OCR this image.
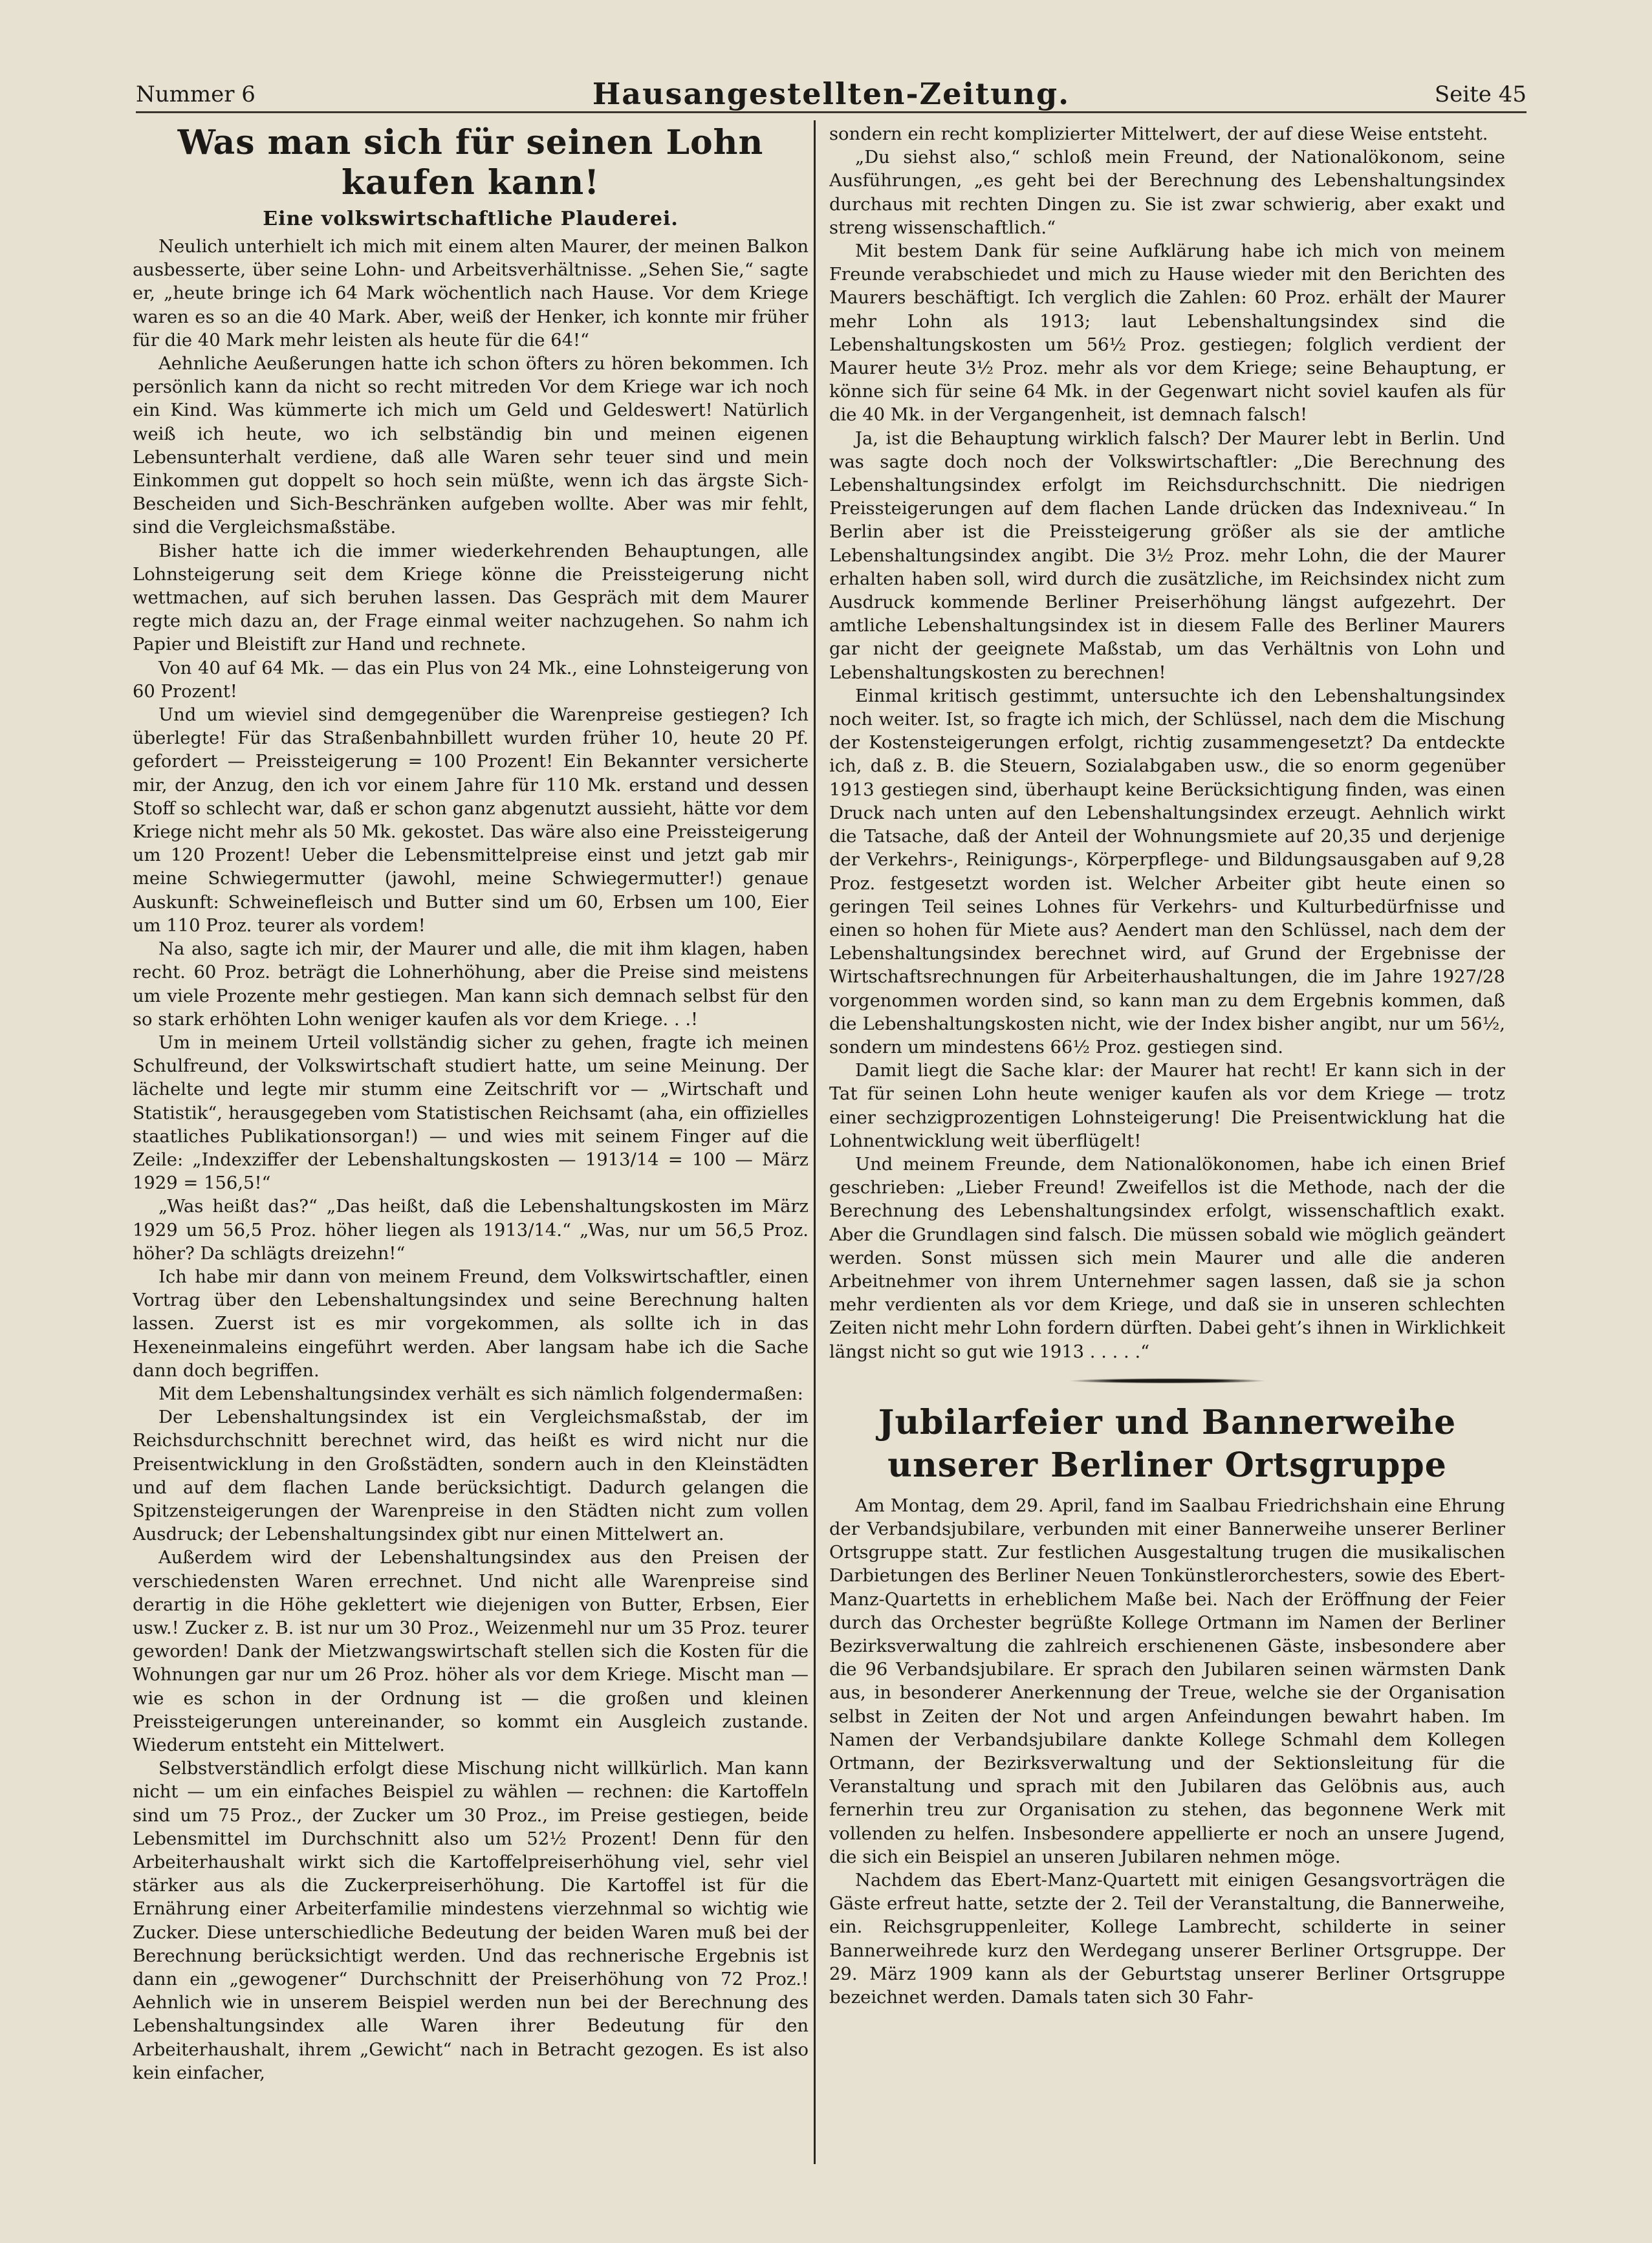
Nummer 6	Hausangestellten-Zeitung.	Seite 45
Was man sich für seinen Lohn kaufen kann!
Eine volkswirtschaftliche Plauderei.

Neulich unterhielt ich mich mit einem alten Maurer, der meinen Balkon ausbesserte, über seine Lohn- und Arbeitsverhältnisse. „Sehen Sie,“ sagte er, „heute bringe ich 64 Mark wöchentlich nach Hause. Vor dem Kriege waren es so an die 40 Mark. Aber, weiß der Henker, ich konnte mir früher für die 40 Mark mehr leisten als heute für die 64!“

Aehnliche Aeußerungen hatte ich schon öfters zu hören bekommen. Ich persönlich kann da nicht so recht mitreden Vor dem Kriege war ich noch ein Kind. Was kümmerte ich mich um Geld und Geldeswert! Natürlich weiß ich heute, wo ich selbständig bin und meinen eigenen Lebensunterhalt verdiene, daß alle Waren sehr teuer sind und mein Einkommen gut doppelt so hoch sein müßte, wenn ich das ärgste Sich-Bescheiden und Sich-Beschränken aufgeben wollte. Aber was mir fehlt, sind die Vergleichsmaßstäbe.

Bisher hatte ich die immer wiederkehrenden Behauptungen, alle Lohnsteigerung seit dem Kriege könne die Preissteigerung nicht wettmachen, auf sich beruhen lassen. Das Gespräch mit dem Maurer regte mich dazu an, der Frage einmal weiter nachzugehen. So nahm ich Papier und Bleistift zur Hand und rechnete.

Von 40 auf 64 Mk. — das ein Plus von 24 Mk., eine Lohnsteigerung von 60 Prozent!

Und um wieviel sind demgegenüber die Warenpreise gestiegen? Ich überlegte! Für das Straßenbahnbillett wurden früher 10, heute 20 Pf. gefordert — Preissteigerung = 100 Prozent! Ein Bekannter versicherte mir, der Anzug, den ich vor einem Jahre für 110 Mk. erstand und dessen Stoff so schlecht war, daß er schon ganz abgenutzt aussieht, hätte vor dem Kriege nicht mehr als 50 Mk. gekostet. Das wäre also eine Preissteigerung um 120 Prozent! Ueber die Lebensmittelpreise einst und jetzt gab mir meine Schwiegermutter (jawohl, meine Schwiegermutter!) genaue Auskunft: Schweinefleisch und Butter sind um 60, Erbsen um 100, Eier um 110 Proz. teurer als vordem!

Na also, sagte ich mir, der Maurer und alle, die mit ihm klagen, haben recht. 60 Proz. beträgt die Lohnerhöhung, aber die Preise sind meistens um viele Prozente mehr gestiegen. Man kann sich demnach selbst für den so stark erhöhten Lohn weniger kaufen als vor dem Kriege. . .!

Um in meinem Urteil vollständig sicher zu gehen, fragte ich meinen Schulfreund, der Volkswirtschaft studiert hatte, um seine Meinung. Der lächelte und legte mir stumm eine Zeitschrift vor — „Wirtschaft und Statistik“, herausgegeben vom Statistischen Reichsamt (aha, ein offizielles staatliches Publikationsorgan!) — und wies mit seinem Finger auf die Zeile: „Indexziffer der Lebenshaltungskosten — 1913/14 = 100 — März 1929 = 156,5!“

„Was heißt das?“ „Das heißt, daß die Lebenshaltungskosten im März 1929 um 56,5 Proz. höher liegen als 1913/14.“ „Was, nur um 56,5 Proz. höher? Da schlägts dreizehn!“

Ich habe mir dann von meinem Freund, dem Volkswirtschaftler, einen Vortrag über den Lebenshaltungsindex und seine Berechnung halten lassen. Zuerst ist es mir vorgekommen, als sollte ich in das Hexeneinmaleins eingeführt werden. Aber langsam habe ich die Sache dann doch begriffen.

Mit dem Lebenshaltungsindex verhält es sich nämlich folgendermaßen:

Der Lebenshaltungsindex ist ein Vergleichsmaßstab, der im Reichsdurchschnitt berechnet wird, das heißt es wird nicht nur die Preisentwicklung in den Großstädten, sondern auch in den Kleinstädten und auf dem flachen Lande berücksichtigt. Dadurch gelangen die Spitzensteigerungen der Warenpreise in den Städten nicht zum vollen Ausdruck; der Lebenshaltungsindex gibt nur einen Mittelwert an.

Außerdem wird der Lebenshaltungsindex aus den Preisen der verschiedensten Waren errechnet. Und nicht alle Warenpreise sind derartig in die Höhe geklettert wie diejenigen von Butter, Erbsen, Eier usw.! Zucker z. B. ist nur um 30 Proz., Weizenmehl nur um 35 Proz. teurer geworden! Dank der Mietzwangswirtschaft stellen sich die Kosten für die Wohnungen gar nur um 26 Proz. höher als vor dem Kriege. Mischt man — wie es schon in der Ordnung ist — die großen und kleinen Preissteigerungen untereinander, so kommt ein Ausgleich zustande. Wiederum entsteht ein Mittelwert.

Selbstverständlich erfolgt diese Mischung nicht willkürlich. Man kann nicht — um ein einfaches Beispiel zu wählen — rechnen: die Kartoffeln sind um 75 Proz., der Zucker um 30 Proz., im Preise gestiegen, beide Lebensmittel im Durchschnitt also um 52½ Prozent! Denn für den Arbeiterhaushalt wirkt sich die Kartoffelpreiserhöhung viel, sehr viel stärker aus als die Zuckerpreiserhöhung. Die Kartoffel ist für die Ernährung einer Arbeiterfamilie mindestens vierzehnmal so wichtig wie Zucker. Diese unterschiedliche Bedeutung der beiden Waren muß bei der Berechnung berücksichtigt werden. Und das rechnerische Ergebnis ist dann ein „gewogener“ Durchschnitt der Preiserhöhung von 72 Proz.! Aehnlich wie in unserem Beispiel werden nun bei der Berechnung des Lebenshaltungsindex alle Waren ihrer Bedeutung für den Arbeiterhaushalt, ihrem „Gewicht“ nach in Betracht gezogen. Es ist also kein einfacher,

sondern ein recht komplizierter Mittelwert, der auf diese Weise entsteht.

„Du siehst also,“ schloß mein Freund, der Nationalökonom, seine Ausführungen, „es geht bei der Berechnung des Lebenshaltungsindex durchaus mit rechten Dingen zu. Sie ist zwar schwierig, aber exakt und streng wissenschaftlich.“

Mit bestem Dank für seine Aufklärung habe ich mich von meinem Freunde verabschiedet und mich zu Hause wieder mit den Berichten des Maurers beschäftigt. Ich verglich die Zahlen: 60 Proz. erhält der Maurer mehr Lohn als 1913; laut Lebenshaltungsindex sind die Lebenshaltungskosten um 56½ Proz. gestiegen; folglich verdient der Maurer heute 3½ Proz. mehr als vor dem Kriege; seine Behauptung, er könne sich für seine 64 Mk. in der Gegenwart nicht soviel kaufen als für die 40 Mk. in der Vergangenheit, ist demnach falsch!

Ja, ist die Behauptung wirklich falsch? Der Maurer lebt in Berlin. Und was sagte doch noch der Volkswirtschaftler: „Die Berechnung des Lebenshaltungsindex erfolgt im Reichsdurchschnitt. Die niedrigen Preissteigerungen auf dem flachen Lande drücken das Indexniveau.“ In Berlin aber ist die Preissteigerung größer als sie der amtliche Lebenshaltungsindex angibt. Die 3½ Proz. mehr Lohn, die der Maurer erhalten haben soll, wird durch die zusätzliche, im Reichsindex nicht zum Ausdruck kommende Berliner Preiserhöhung längst aufgezehrt. Der amtliche Lebenshaltungsindex ist in diesem Falle des Berliner Maurers gar nicht der geeignete Maßstab, um das Verhältnis von Lohn und Lebenshaltungskosten zu berechnen!

Einmal kritisch gestimmt, untersuchte ich den Lebenshaltungsindex noch weiter. Ist, so fragte ich mich, der Schlüssel, nach dem die Mischung der Kostensteigerungen erfolgt, richtig zusammengesetzt? Da entdeckte ich, daß z. B. die Steuern, Sozialabgaben usw., die so enorm gegenüber 1913 gestiegen sind, überhaupt keine Berücksichtigung finden, was einen Druck nach unten auf den Lebenshaltungsindex erzeugt. Aehnlich wirkt die Tatsache, daß der Anteil der Wohnungsmiete auf 20,35 und derjenige der Verkehrs-, Reinigungs-, Körperpflege- und Bildungsausgaben auf 9,28 Proz. festgesetzt worden ist. Welcher Arbeiter gibt heute einen so geringen Teil seines Lohnes für Verkehrs- und Kulturbedürfnisse und einen so hohen für Miete aus? Aendert man den Schlüssel, nach dem der Lebenshaltungsindex berechnet wird, auf Grund der Ergebnisse der Wirtschaftsrechnungen für Arbeiterhaushaltungen, die im Jahre 1927/28 vorgenommen worden sind, so kann man zu dem Ergebnis kommen, daß die Lebenshaltungskosten nicht, wie der Index bisher angibt, nur um 56½, sondern um mindestens 66½ Proz. gestiegen sind.

Damit liegt die Sache klar: der Maurer hat recht! Er kann sich in der Tat für seinen Lohn heute weniger kaufen als vor dem Kriege — trotz einer sechzigprozentigen Lohnsteigerung! Die Preisentwicklung hat die Lohnentwicklung weit überflügelt!

Und meinem Freunde, dem Nationalökonomen, habe ich einen Brief geschrieben: „Lieber Freund! Zweifellos ist die Methode, nach der die Berechnung des Lebenshaltungsindex erfolgt, wissenschaftlich exakt. Aber die Grundlagen sind falsch. Die müssen sobald wie möglich geändert werden. Sonst müssen sich mein Maurer und alle die anderen Arbeitnehmer von ihrem Unternehmer sagen lassen, daß sie ja schon mehr verdienten als vor dem Kriege, und daß sie in unseren schlechten Zeiten nicht mehr Lohn fordern dürften. Dabei geht’s ihnen in Wirklichkeit längst nicht so gut wie 1913 . . . . .“

Jubilarfeier und Bannerweihe unserer Berliner Ortsgruppe

Am Montag, dem 29. April, fand im Saalbau Friedrichshain eine Ehrung der Verbandsjubilare, verbunden mit einer Bannerweihe unserer Berliner Ortsgruppe statt. Zur festlichen Ausgestaltung trugen die musikalischen Darbietungen des Berliner Neuen Tonkünstlerorchesters, sowie des Ebert-Manz-Quartetts in erheblichem Maße bei. Nach der Eröffnung der Feier durch das Orchester begrüßte Kollege Ortmann im Namen der Berliner Bezirksverwaltung die zahlreich erschienenen Gäste, insbesondere aber die 96 Verbandsjubilare. Er sprach den Jubilaren seinen wärmsten Dank aus, in besonderer Anerkennung der Treue, welche sie der Organisation selbst in Zeiten der Not und argen Anfeindungen bewahrt haben. Im Namen der Verbandsjubilare dankte Kollege Schmahl dem Kollegen Ortmann, der Bezirksverwaltung und der Sektionsleitung für die Veranstaltung und sprach mit den Jubilaren das Gelöbnis aus, auch fernerhin treu zur Organisation zu stehen, das begonnene Werk mit vollenden zu helfen. Insbesondere appellierte er noch an unsere Jugend, die sich ein Beispiel an unseren Jubilaren nehmen möge.

Nachdem das Ebert-Manz-Quartett mit einigen Gesangsvorträgen die Gäste erfreut hatte, setzte der 2. Teil der Veranstaltung, die Bannerweihe, ein. Reichsgruppenleiter, Kollege Lambrecht, schilderte in seiner Bannerweihrede kurz den Werdegang unserer Berliner Ortsgruppe. Der 29. März 1909 kann als der Geburtstag unserer Berliner Ortsgruppe bezeichnet werden. Damals taten sich 30 Fahr-
